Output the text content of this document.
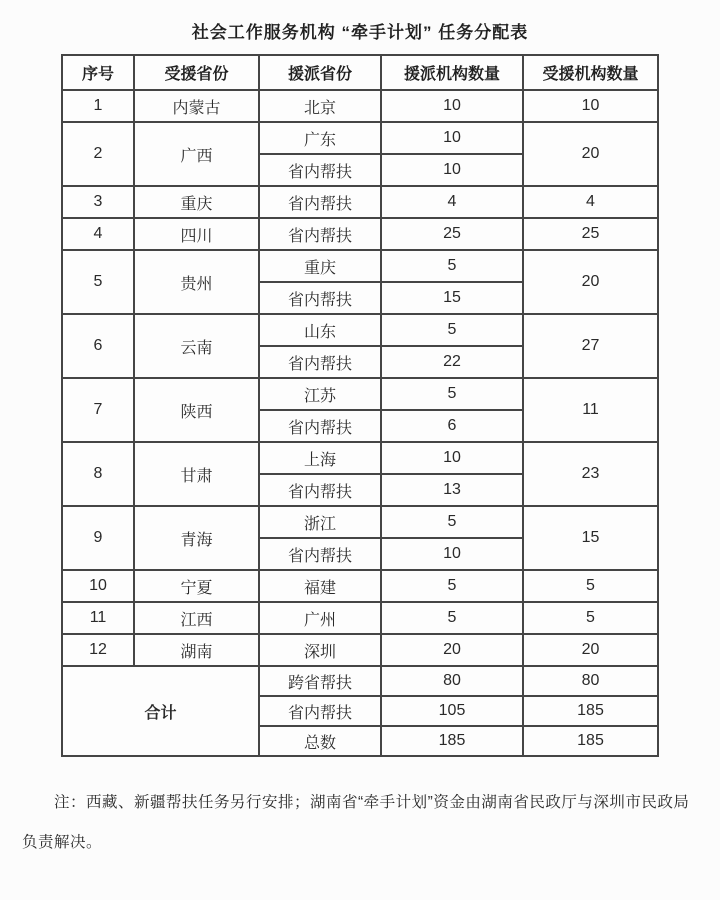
社会工作服务机构 “牵手计划” 任务分配表
序号	受援省份	援派省份	援派机构数量	受援机构数量
1	内蒙古	北京	10	10
2	广西	广东	10	20
		省内帮扶	10	
3	重庆	省内帮扶	4	4
4	四川	省内帮扶	25	25
5	贵州	重庆	5	20
		省内帮扶	15	
6	云南	山东	5	27
		省内帮扶	22	
7	陕西	江苏	5	11
		省内帮扶	6	
8	甘肃	上海	10	23
		省内帮扶	13	
9	青海	浙江	5	15
		省内帮扶	10	
10	宁夏	福建	5	5
11	江西	广州	5	5
12	湖南	深圳	20	20
合计		跨省帮扶	80	80
		省内帮扶	105	185
		总数	185	185

注：西藏、新疆帮扶任务另行安排；湖南省“牵手计划”资金由湖南省民政厅与深圳市民政局负责解决。
